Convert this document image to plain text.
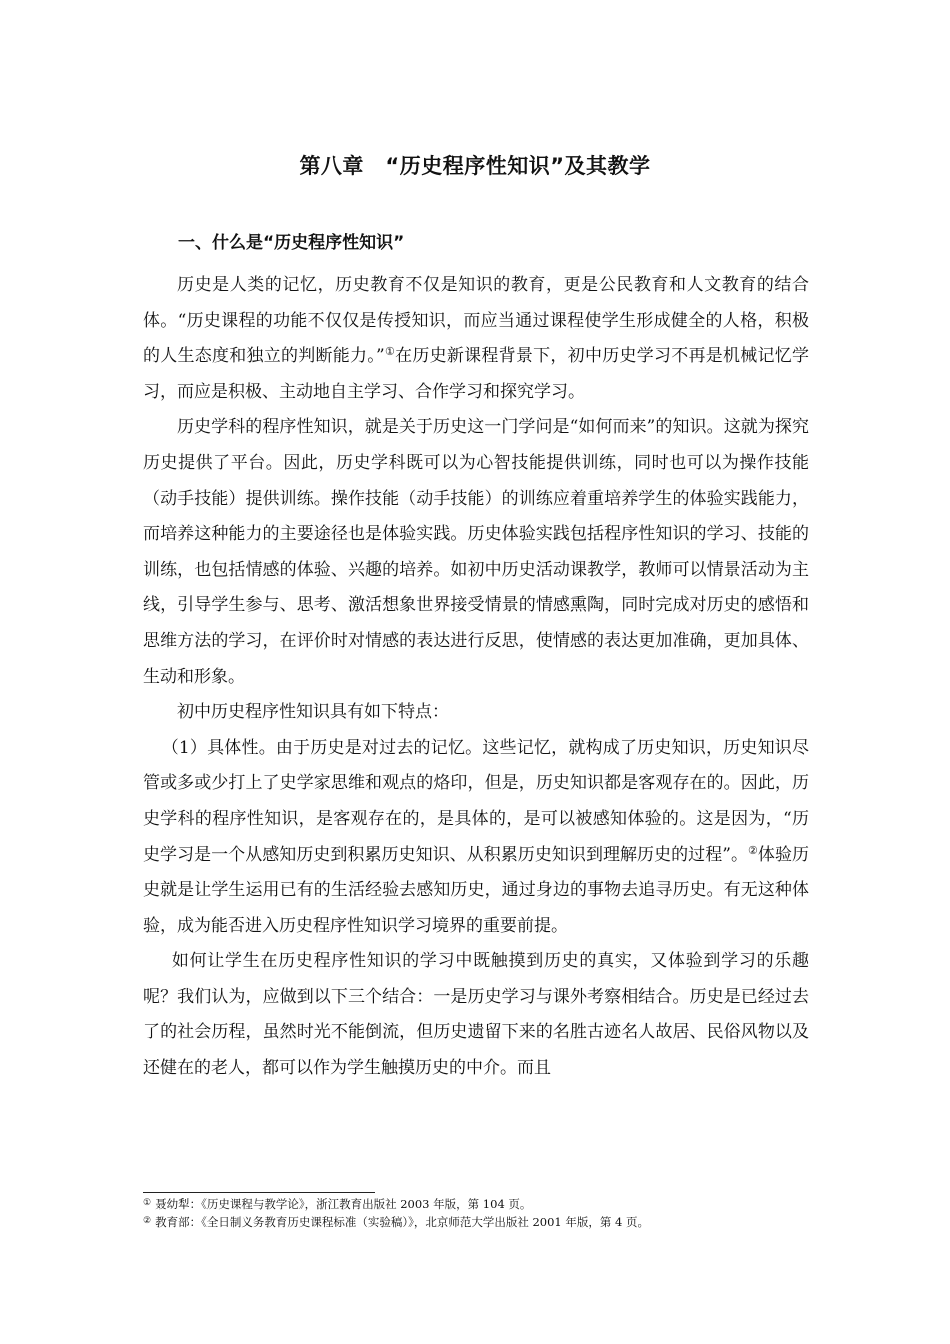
第八章　“历史程序性知识”及其教学
一、什么是“历史程序性知识”

历史是人类的记忆，历史教育不仅是知识的教育，更是公民教育和人文教育的结合体。“历史课程的功能不仅仅是传授知识，而应当通过课程使学生形成健全的人格，积极的人生态度和独立的判断能力。”①在历史新课程背景下，初中历史学习不再是机械记忆学习，而应是积极、主动地自主学习、合作学习和探究学习。

历史学科的程序性知识，就是关于历史这一门学问是“如何而来”的知识。这就为探究历史提供了平台。因此，历史学科既可以为心智技能提供训练，同时也可以为操作技能（动手技能）提供训练。操作技能（动手技能）的训练应着重培养学生的体验实践能力，而培养这种能力的主要途径也是体验实践。历史体验实践包括程序性知识的学习、技能的训练，也包括情感的体验、兴趣的培养。如初中历史活动课教学，教师可以情景活动为主线，引导学生参与、思考、激活想象世界接受情景的情感熏陶，同时完成对历史的感悟和思维方法的学习，在评价时对情感的表达进行反思，使情感的表达更加准确，更加具体、生动和形象。

初中历史程序性知识具有如下特点：

（1）具体性。由于历史是对过去的记忆。这些记忆，就构成了历史知识，历史知识尽管或多或少打上了史学家思维和观点的烙印，但是，历史知识都是客观存在的。因此，历史学科的程序性知识，是客观存在的，是具体的，是可以被感知体验的。这是因为，“历史学习是一个从感知历史到积累历史知识、从积累历史知识到理解历史的过程”。②体验历史就是让学生运用已有的生活经验去感知历史，通过身边的事物去追寻历史。有无这种体验，成为能否进入历史程序性知识学习境界的重要前提。

如何让学生在历史程序性知识的学习中既触摸到历史的真实，又体验到学习的乐趣呢？我们认为，应做到以下三个结合：一是历史学习与课外考察相结合。历史是已经过去了的社会历程，虽然时光不能倒流，但历史遗留下来的名胜古迹名人故居、民俗风物以及还健在的老人，都可以作为学生触摸历史的中介。而且

① 聂幼犁：《历史课程与教学论》，浙江教育出版社 2003 年版，第 104 页。
② 教育部：《全日制义务教育历史课程标准（实验稿）》，北京师范大学出版社 2001 年版，第 4 页。
